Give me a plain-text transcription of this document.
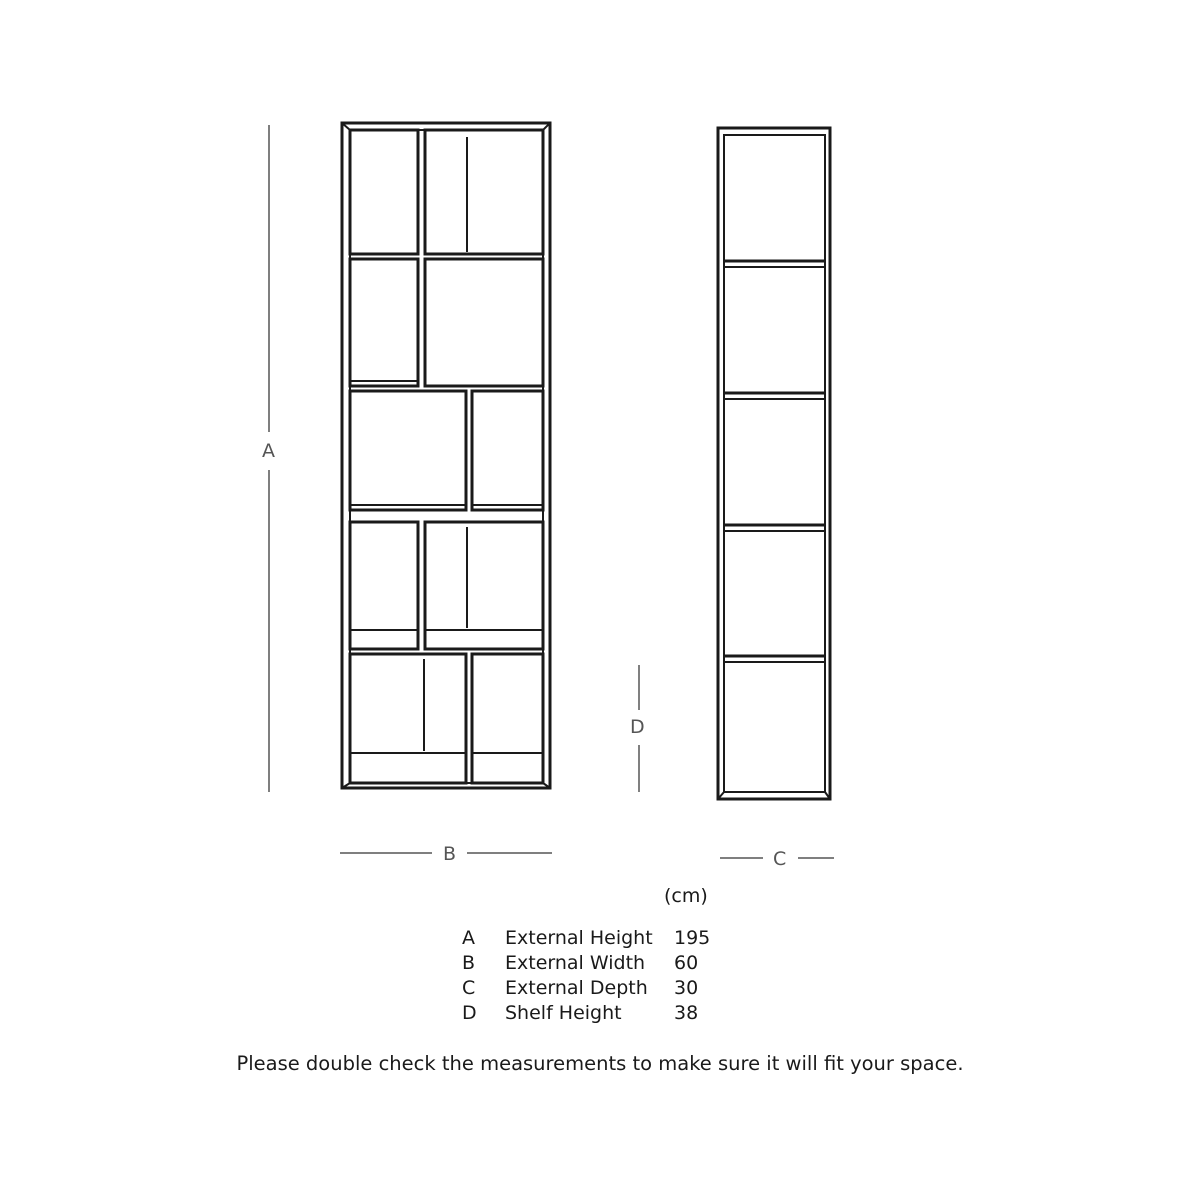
A
B	C
D
(cm)
A	External Height	195
B	External Width	60
C	External Depth	30
D	Shelf Height	38
Please double check the measurements to make sure it will fit your space.
